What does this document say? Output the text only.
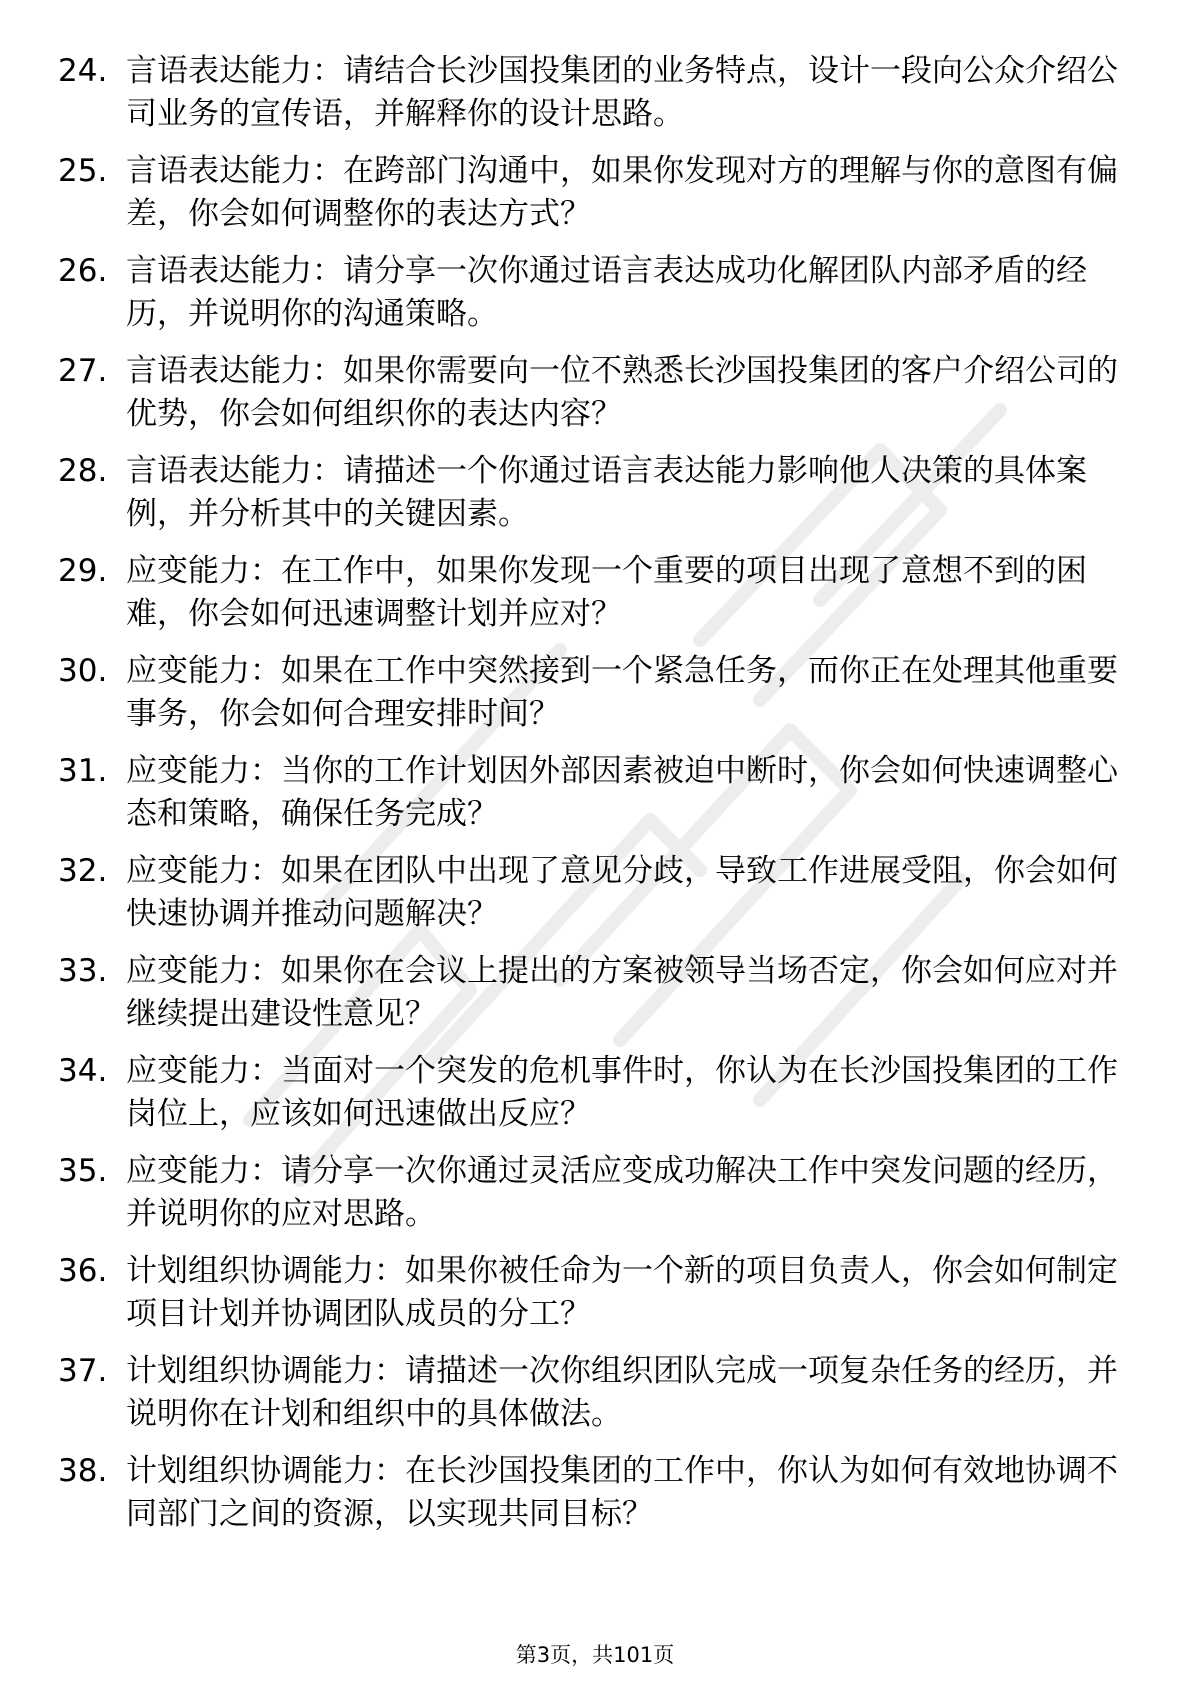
24. 言语表达能力：请结合长沙国投集团的业务特点，设计一段向公众介绍公司业务的宣传语，并解释你的设计思路。
25. 言语表达能力：在跨部门沟通中，如果你发现对方的理解与你的意图有偏差，你会如何调整你的表达方式？
26. 言语表达能力：请分享一次你通过语言表达成功化解团队内部矛盾的经历，并说明你的沟通策略。
27. 言语表达能力：如果你需要向一位不熟悉长沙国投集团的客户介绍公司的优势，你会如何组织你的表达内容？
28. 言语表达能力：请描述一个你通过语言表达能力影响他人决策的具体案例，并分析其中的关键因素。
29. 应变能力：在工作中，如果你发现一个重要的项目出现了意想不到的困难，你会如何迅速调整计划并应对？
30. 应变能力：如果在工作中突然接到一个紧急任务，而你正在处理其他重要事务，你会如何合理安排时间？
31. 应变能力：当你的工作计划因外部因素被迫中断时，你会如何快速调整心态和策略，确保任务完成？
32. 应变能力：如果在团队中出现了意见分歧，导致工作进展受阻，你会如何快速协调并推动问题解决？
33. 应变能力：如果你在会议上提出的方案被领导当场否定，你会如何应对并继续提出建设性意见？
34. 应变能力：当面对一个突发的危机事件时，你认为在长沙国投集团的工作岗位上，应该如何迅速做出反应？
35. 应变能力：请分享一次你通过灵活应变成功解决工作中突发问题的经历，并说明你的应对思路。
36. 计划组织协调能力：如果你被任命为一个新的项目负责人，你会如何制定项目计划并协调团队成员的分工？
37. 计划组织协调能力：请描述一次你组织团队完成一项复杂任务的经历，并说明你在计划和组织中的具体做法。
38. 计划组织协调能力：在长沙国投集团的工作中，你认为如何有效地协调不同部门之间的资源，以实现共同目标？
第3页，共101页
